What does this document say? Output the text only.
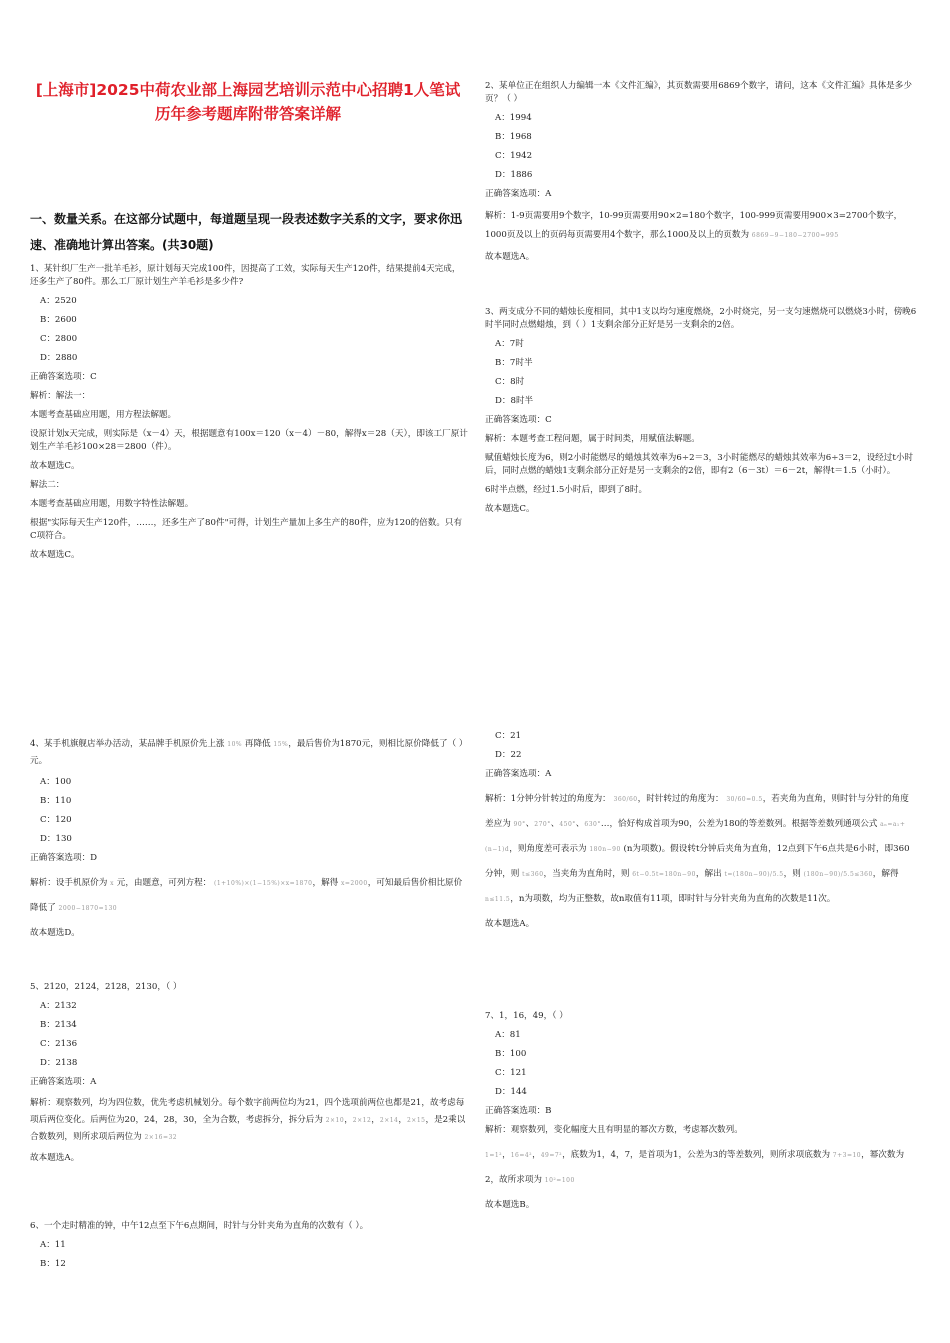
[上海市]2025中荷农业部上海园艺培训示范中心招聘1人笔试历年参考题库附带答案详解
一、数量关系。在这部分试题中，每道题呈现一段表述数字关系的文字，要求你迅速、准确地计算出答案。(共30题)

1、某针织厂生产一批羊毛衫，原计划每天完成100件，因提高了工效，实际每天生产120件，结果提前4天完成，还多生产了80件。那么工厂原计划生产羊毛衫是多少件?

A：2520

B：2600

C：2800

D：2880

正确答案选项：C

解析：解法一：

本题考查基础应用题，用方程法解题。

设原计划x天完成，则实际是（x－4）天，根据题意有100x＝120（x－4）－80，解得x＝28（天），即该工厂原计划生产羊毛衫100×28＝2800（件）。

故本题选C。

解法二：

本题考查基础应用题，用数字特性法解题。

根据"实际每天生产120件，……，还多生产了80件"可得，计划生产量加上多生产的80件，应为120的倍数。只有C项符合。

故本题选C。

2、某单位正在组织人力编辑一本《文件汇编》，其页数需要用6869个数字，请问，这本《文件汇编》具体是多少页？（ ）

A：1994

B：1968

C：1942

D：1886

正确答案选项：A

解析：1-9页需要用9个数字，10-99页需要用90×2=180个数字，100-999页需要用900×3=2700个数字，1000页及以上的页码每页需要用4个数字，那么1000及以上的页数为 6869−9−180−2700=995

故本题选A。

3、两支成分不同的蜡烛长度相同，其中1支以均匀速度燃烧，2小时烧完，另一支匀速燃烧可以燃烧3小时，傍晚6时半同时点燃蜡烛，到（ ）1支剩余部分正好是另一支剩余的2倍。

A：7时

B：7时半

C：8时

D：8时半

正确答案选项：C

解析：本题考查工程问题，属于时间类，用赋值法解题。

赋值蜡烛长度为6，则2小时能燃尽的蜡烛其效率为6÷2＝3，3小时能燃尽的蜡烛其效率为6÷3＝2，设经过t小时后，同时点燃的蜡烛1支剩余部分正好是另一支剩余的2倍，即有2（6－3t）＝6－2t，解得t＝1.5（小时）。

6时半点燃，经过1.5小时后，即到了8时。

故本题选C。

4、某手机旗舰店举办活动，某品牌手机原价先上涨 10% 再降低 15%，最后售价为1870元，则相比原价降低了（ ）元。

A：100

B：110

C：120

D：130

正确答案选项：D

解析：设手机原价为 x 元，由题意，可列方程： (1+10%)×(1−15%)×x=1870，解得 x=2000，可知最后售价相比原价降低了 2000−1870=130

故本题选D。

5、2120，2124，2128，2130，（ ）

A：2132

B：2134

C：2136

D：2138

正确答案选项：A

解析：观察数列，均为四位数，优先考虑机械划分。每个数字前两位均为21，四个选项前两位也都是21，故考虑每项后两位变化。后两位为20，24，28，30，全为合数，考虑拆分，拆分后为 2×10，2×12，2×14，2×15，是2乘以合数数列，则所求项后两位为 2×16=32

故本题选A。

6、一个走时精准的钟，中午12点至下午6点期间，时针与分针夹角为直角的次数有（ ）。

A：11

B：12

C：21

D：22

正确答案选项：A

解析：1分钟分针转过的角度为： 360/60，时针转过的角度为： 30/60=0.5，若夹角为直角，则时针与分针的角度差应为 90°、270°、450°、630°…，恰好构成首项为90，公差为180的等差数列。根据等差数列通项公式 aₙ=a₁+(n−1)d，则角度差可表示为 180n−90 (n为项数)。假设转t分钟后夹角为直角，12点到下午6点共是6小时，即360分钟，则 t≤360，当夹角为直角时，则 6t−0.5t=180n−90，解出 t=(180n−90)/5.5，则 (180n−90)/5.5≤360，解得 n≤11.5，n为项数，均为正整数，故n取值有11项，即时针与分针夹角为直角的次数是11次。

故本题选A。

7、1，16，49，（ ）

A：81

B：100

C：121

D：144

正确答案选项：B

解析：观察数列，变化幅度大且有明显的幂次方数，考虑幂次数列。

1=1²，16=4²，49=7²，底数为1，4，7，是首项为1，公差为3的等差数列，则所求项底数为 7+3=10，幂次数为2，故所求项为 10²=100

故本题选B。
